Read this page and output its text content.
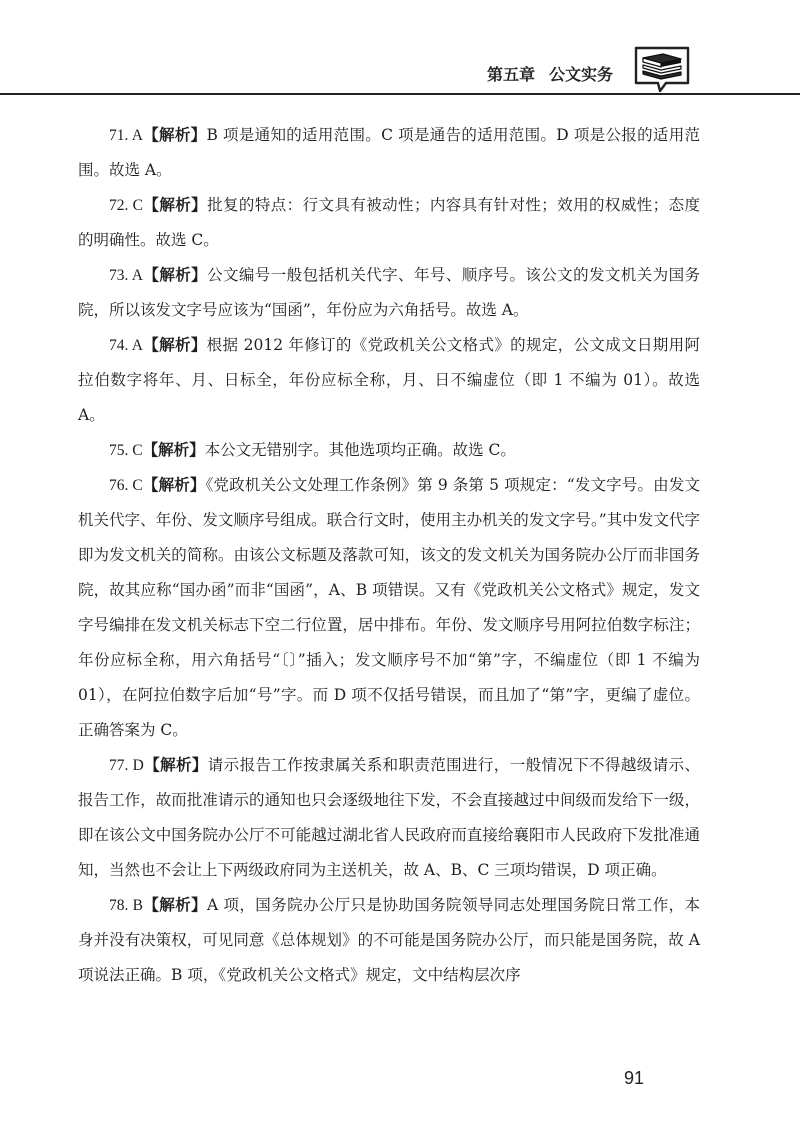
第五章 公文实务

71. A【解析】B 项是通知的适用范围。C 项是通告的适用范围。D 项是公报的适用范围。故选 A。

72. C【解析】批复的特点：行文具有被动性；内容具有针对性；效用的权威性；态度的明确性。故选 C。

73. A【解析】公文编号一般包括机关代字、年号、顺序号。该公文的发文机关为国务院，所以该发文字号应该为“国函”，年份应为六角括号。故选 A。

74. A【解析】根据 2012 年修订的《党政机关公文格式》的规定，公文成文日期用阿拉伯数字将年、月、日标全，年份应标全称，月、日不编虚位（即 1 不编为 01）。故选 A。

75. C【解析】本公文无错别字。其他选项均正确。故选 C。

76. C【解析】《党政机关公文处理工作条例》第 9 条第 5 项规定：“发文字号。由发文机关代字、年份、发文顺序号组成。联合行文时，使用主办机关的发文字号。”其中发文代字即为发文机关的简称。由该公文标题及落款可知，该文的发文机关为国务院办公厅而非国务院，故其应称“国办函”而非“国函”，A、B 项错误。又有《党政机关公文格式》规定，发文字号编排在发文机关标志下空二行位置，居中排布。年份、发文顺序号用阿拉伯数字标注；年份应标全称，用六角括号“〔〕”插入；发文顺序号不加“第”字，不编虚位（即 1 不编为 01），在阿拉伯数字后加“号”字。而 D 项不仅括号错误，而且加了“第”字，更编了虚位。正确答案为 C。

77. D【解析】请示报告工作按隶属关系和职责范围进行，一般情况下不得越级请示、报告工作，故而批准请示的通知也只会逐级地往下发，不会直接越过中间级而发给下一级，即在该公文中国务院办公厅不可能越过湖北省人民政府而直接给襄阳市人民政府下发批准通知，当然也不会让上下两级政府同为主送机关，故 A、B、C 三项均错误，D 项正确。

78. B【解析】A 项，国务院办公厅只是协助国务院领导同志处理国务院日常工作，本身并没有决策权，可见同意《总体规划》的不可能是国务院办公厅，而只能是国务院，故 A 项说法正确。B 项，《党政机关公文格式》规定，文中结构层次序

91
